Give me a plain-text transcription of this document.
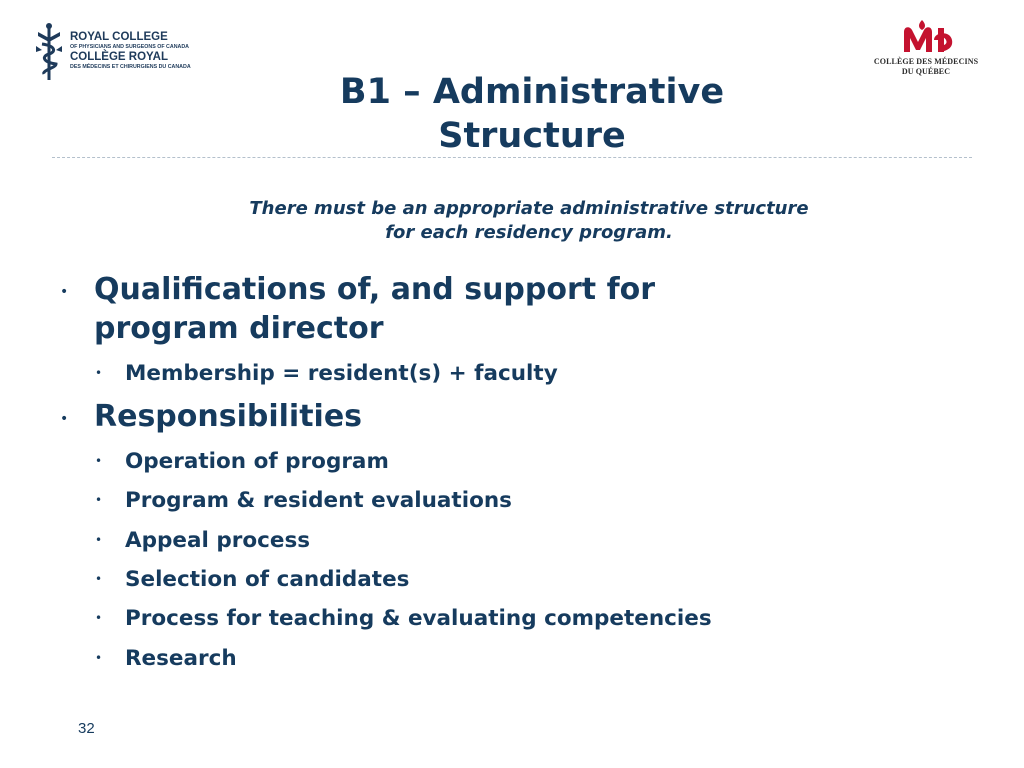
ROYAL COLLEGE
OF PHYSICIANS AND SURGEONS OF CANADA
COLLÈGE ROYAL
DES MÉDECINS ET CHIRURGIENS DU CANADA
COLLÈGE DES MÉDECINS
DU QUÉBEC
B1 – Administrative
Structure
There must be an appropriate administrative structure
for each residency program.
• Qualifications of, and support for
program director
• Membership = resident(s) + faculty
• Responsibilities
• Operation of program
• Program & resident evaluations
• Appeal process
• Selection of candidates
• Process for teaching & evaluating competencies
• Research
32
